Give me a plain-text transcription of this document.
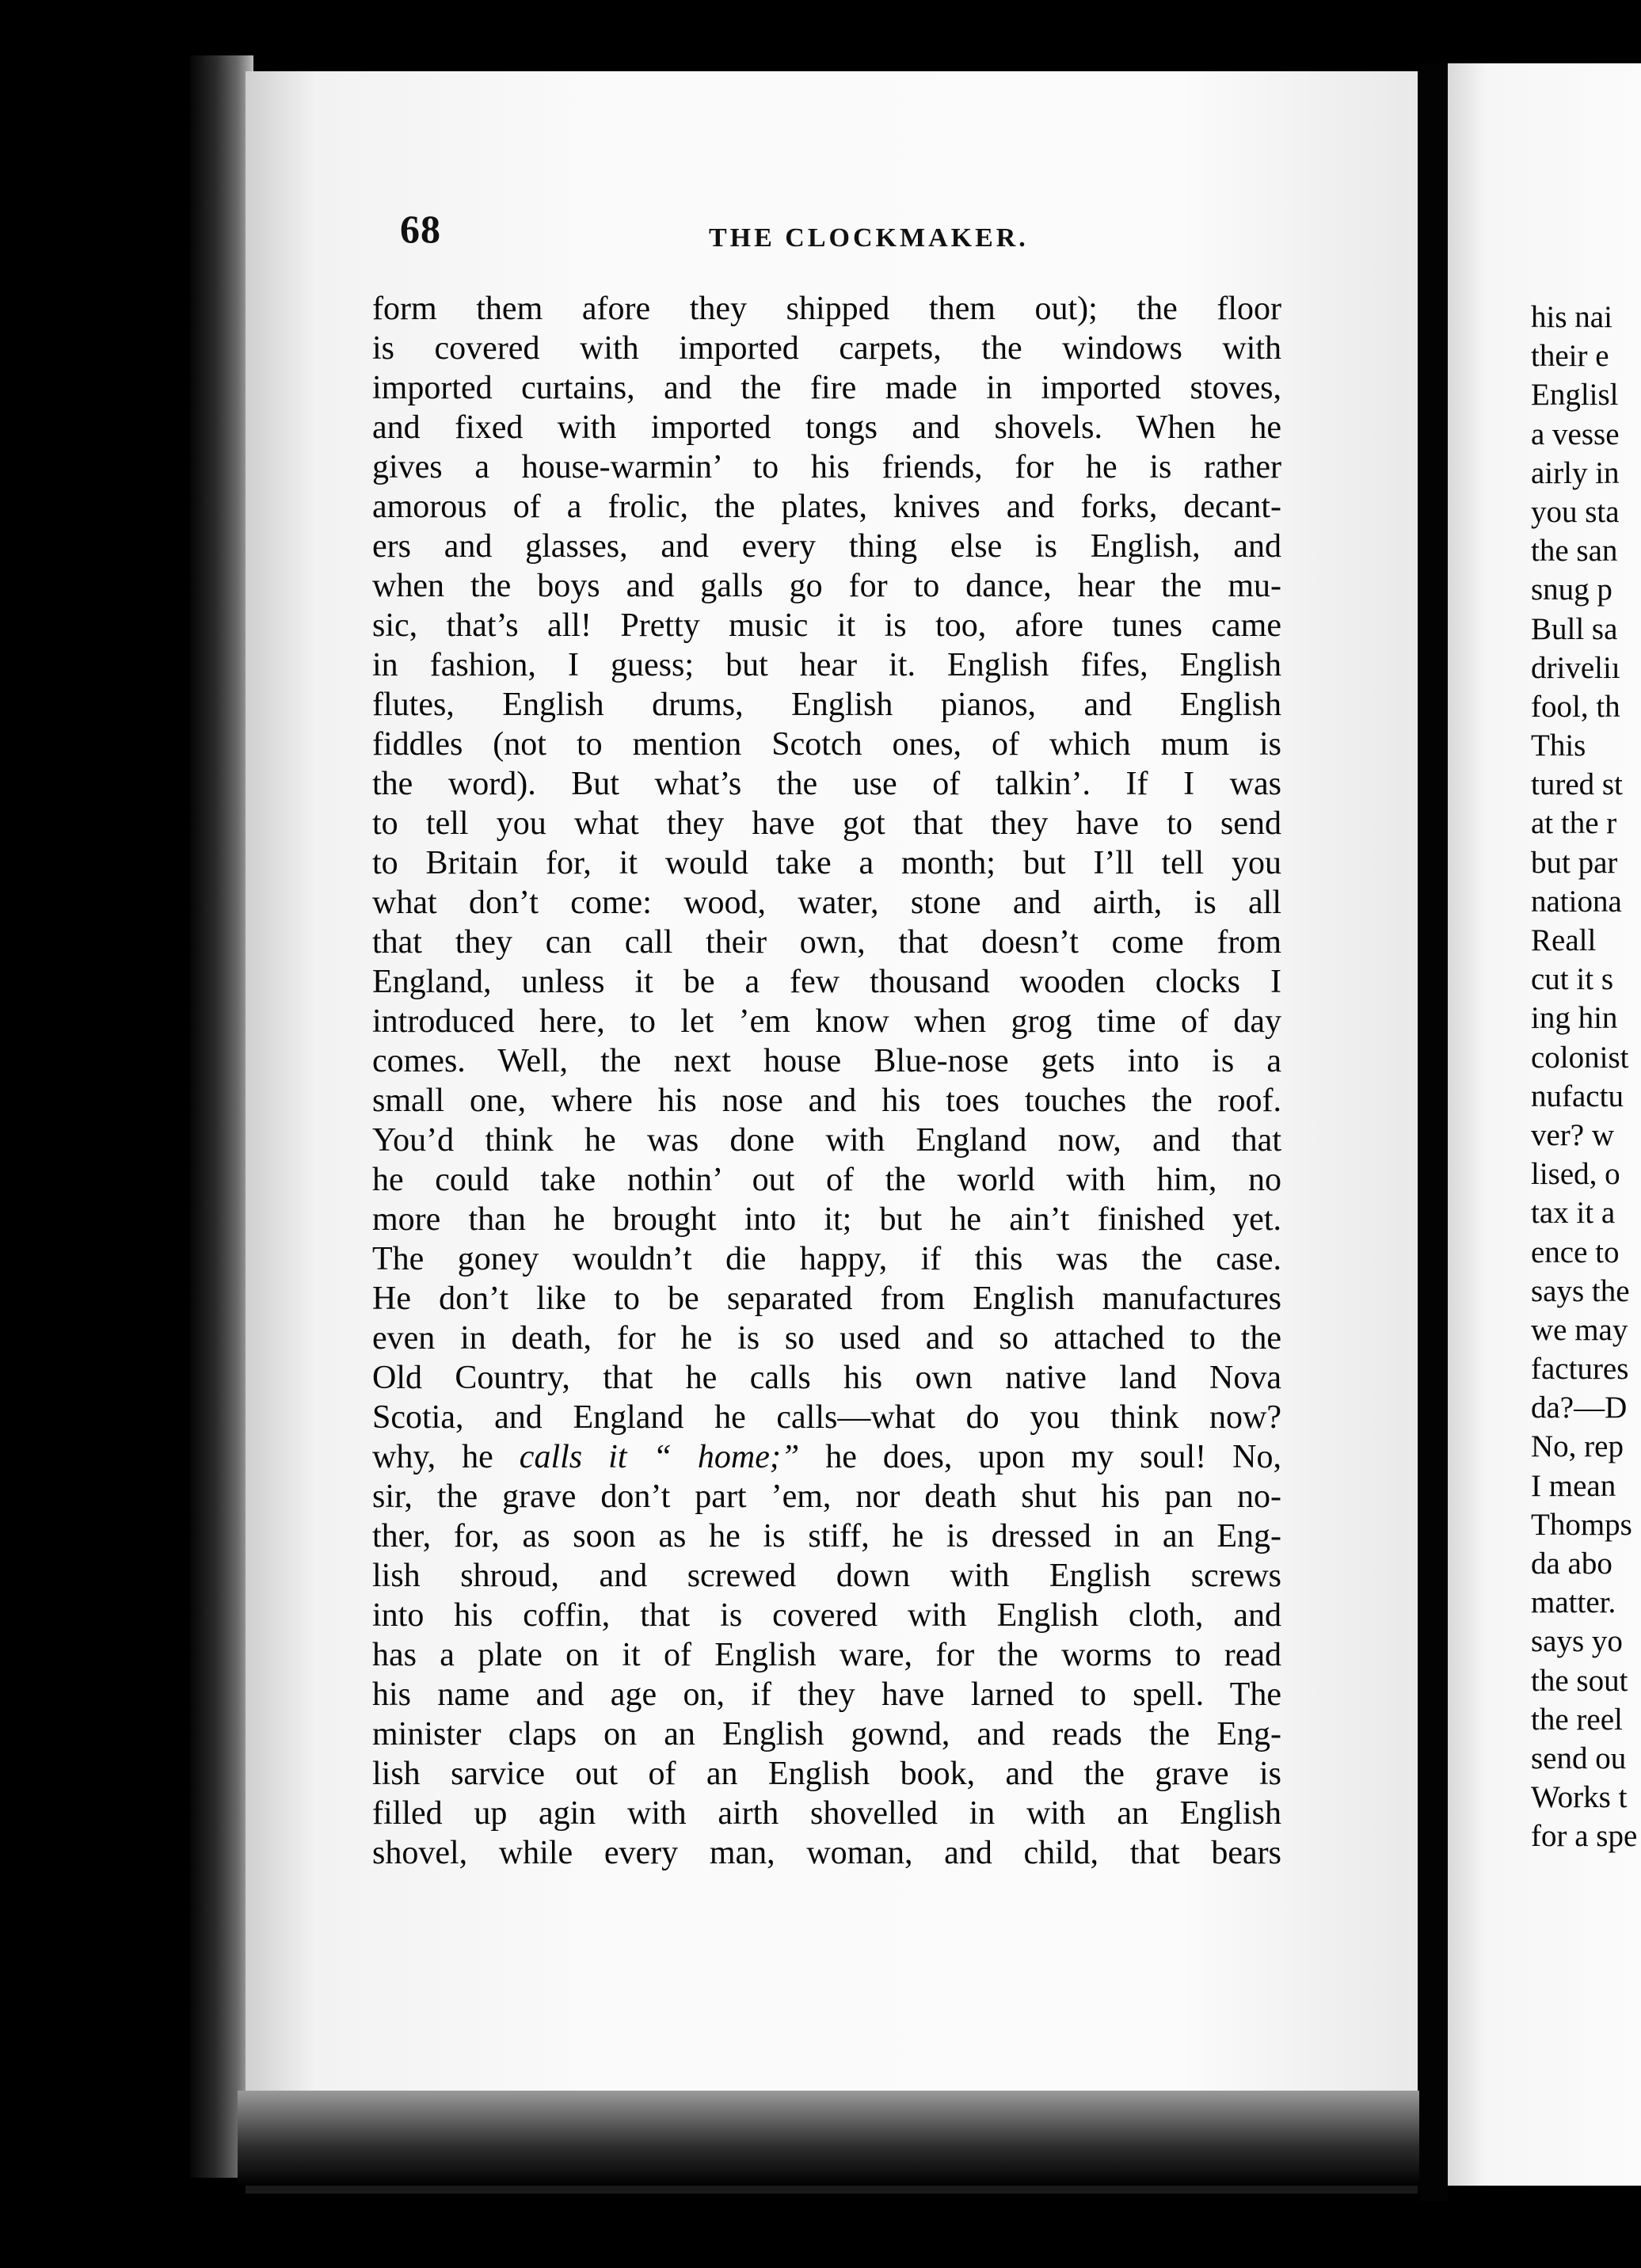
68	THE CLOCKMAKER.
form them afore they shipped them out); the floor
is covered with imported carpets, the windows with
imported curtains, and the fire made in imported stoves,
and fixed with imported tongs and shovels. When he
gives a house-warmin’ to his friends, for he is rather
amorous of a frolic, the plates, knives and forks, decant-
ers and glasses, and every thing else is English, and
when the boys and galls go for to dance, hear the mu-
sic, that’s all! Pretty music it is too, afore tunes came
in fashion, I guess; but hear it. English fifes, English
flutes, English drums, English pianos, and English
fiddles (not to mention Scotch ones, of which mum is
the word). But what’s the use of talkin’. If I was
to tell you what they have got that they have to send
to Britain for, it would take a month; but I’ll tell you
what don’t come: wood, water, stone and airth, is all
that they can call their own, that doesn’t come from
England, unless it be a few thousand wooden clocks I
introduced here, to let ’em know when grog time of day
comes. Well, the next house Blue-nose gets into is a
small one, where his nose and his toes touches the roof.
You’d think he was done with England now, and that
he could take nothin’ out of the world with him, no
more than he brought into it; but he ain’t finished yet.
The goney wouldn’t die happy, if this was the case.
He don’t like to be separated from English manufactures
even in death, for he is so used and so attached to the
Old Country, that he calls his own native land Nova
Scotia, and England he calls—what do you think now?
why, he calls it “ home;” he does, upon my soul! No,
sir, the grave don’t part ’em, nor death shut his pan no-
ther, for, as soon as he is stiff, he is dressed in an Eng-
lish shroud, and screwed down with English screws
into his coffin, that is covered with English cloth, and
has a plate on it of English ware, for the worms to read
his name and age on, if they have larned to spell. The
minister claps on an English gownd, and reads the Eng-
lish sarvice out of an English book, and the grave is
filled up agin with airth shovelled in with an English
shovel, while every man, woman, and child, that bears
his nai
their e
Englisl
a vesse
airly in
you sta
the san
snug p
Bull sa
driveliı
fool, th
This
tured st
at the r
but par
nationa
Reall
cut it s
ing hin
colonist
nufactu
ver? w
lised, o
tax it a
ence to
says the
we may
factures
da?—D
No, rep
I mean
Thomps
da abo
matter.
says yo
the sout
the reel
send ou
Works t
for a spe
